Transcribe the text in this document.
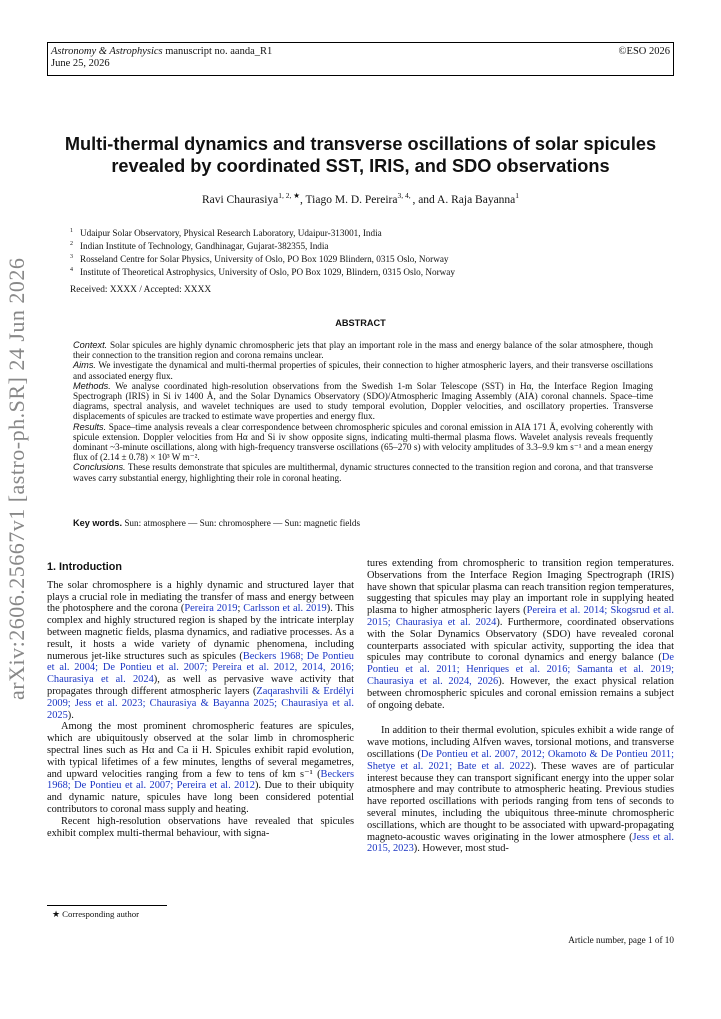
arXiv:2606.25667v1 [astro-ph.SR] 24 Jun 2026
Astronomy & Astrophysics manuscript no. aanda_R1
June 25, 2026
©ESO 2026
Multi-thermal dynamics and transverse oscillations of solar spicules revealed by coordinated SST, IRIS, and SDO observations
Ravi Chaurasiya$^{1, 2, ★}$, Tiago M. D. Pereira$^{3, 4,}$ , and A. Raja Bayanna$^1$
$^1$ Udaipur Solar Observatory, Physical Research Laboratory, Udaipur-313001, India
$^2$ Indian Institute of Technology, Gandhinagar, Gujarat-382355, India
$^3$ Rosseland Centre for Solar Physics, University of Oslo, PO Box 1029 Blindern, 0315 Oslo, Norway
$^4$ Institute of Theoretical Astrophysics, University of Oslo, PO Box 1029, Blindern, 0315 Oslo, Norway
Received: XXXX / Accepted: XXXX
ABSTRACT

Context. Solar spicules are highly dynamic chromospheric jets that play an important role in the mass and energy balance of the solar atmosphere, though their connection to the transition region and corona remains unclear.

Aims. We investigate the dynamical and multi-thermal properties of spicules, their connection to higher atmospheric layers, and their transverse oscillations and associated energy flux.

Methods. We analyse coordinated high-resolution observations from the Swedish 1-m Solar Telescope (SST) in Hα, the Interface Region Imaging Spectrograph (IRIS) in Si iv 1400 Å, and the Solar Dynamics Observatory (SDO)/Atmospheric Imaging Assembly (AIA) coronal channels. Space–time diagrams, spectral analysis, and wavelet techniques are used to study temporal evolution, Doppler velocities, and oscillatory properties. Transverse displacements of spicules are tracked to estimate wave properties and energy flux.

Results. Space–time analysis reveals a clear correspondence between chromospheric spicules and coronal emission in AIA 171 Å, evolving coherently with spicule extension. Doppler velocities from Hα and Si iv show opposite signs, indicating multi-thermal plasma flows. Wavelet analysis reveals frequently dominant ~3-minute oscillations, along with high-frequency transverse oscillations (65–270 s) with velocity amplitudes of 3.3–9.9 km s⁻¹ and a mean energy flux of (2.14 ± 0.78) × 10³ W m⁻².

Conclusions. These results demonstrate that spicules are multithermal, dynamic structures connected to the transition region and corona, and that transverse waves carry substantial energy, highlighting their role in coronal heating.

Key words. Sun: atmosphere — Sun: chromosphere — Sun: magnetic fields
1. Introduction

The solar chromosphere is a highly dynamic and structured layer that plays a crucial role in mediating the transfer of mass and energy between the photosphere and the corona (Pereira 2019; Carlsson et al. 2019). This complex and highly structured region is shaped by the intricate interplay between magnetic fields, plasma dynamics, and radiative processes. As a result, it hosts a wide variety of dynamic phenomena, including numerous jet-like structures such as spicules (Beckers 1968; De Pontieu et al. 2004; De Pontieu et al. 2007; Pereira et al. 2012, 2014, 2016; Chaurasiya et al. 2024), as well as pervasive wave activity that propagates through different atmospheric layers (Zaqarashvili & Erdélyi 2009; Jess et al. 2023; Chaurasiya & Bayanna 2025; Chaurasiya et al. 2025).

Among the most prominent chromospheric features are spicules, which are ubiquitously observed at the solar limb in chromospheric spectral lines such as Hα and Ca ii H. Spicules exhibit rapid evolution, with typical lifetimes of a few minutes, lengths of several megametres, and upward velocities ranging from a few to tens of km s⁻¹ (Beckers 1968; De Pontieu et al. 2007; Pereira et al. 2012). Due to their ubiquity and dynamic nature, spicules have long been considered potential contributors to coronal mass supply and heating.

Recent high-resolution observations have revealed that spicules exhibit complex multi-thermal behaviour, with signa-

tures extending from chromospheric to transition region temperatures. Observations from the Interface Region Imaging Spectrograph (IRIS) have shown that spicular plasma can reach transition region temperatures, suggesting that spicules may play an important role in supplying heated plasma to higher atmospheric layers (Pereira et al. 2014; Skogsrud et al. 2015; Chaurasiya et al. 2024). Furthermore, coordinated observations with the Solar Dynamics Observatory (SDO) have revealed coronal counterparts associated with spicular activity, supporting the idea that spicules may contribute to coronal dynamics and energy balance (De Pontieu et al. 2011; Henriques et al. 2016; Samanta et al. 2019; Chaurasiya et al. 2024, 2026). However, the exact physical relation between chromospheric spicules and coronal emission remains a subject of ongoing debate.

In addition to their thermal evolution, spicules exhibit a wide range of wave motions, including Alfven waves, torsional motions, and transverse oscillations (De Pontieu et al. 2007, 2012; Okamoto & De Pontieu 2011; Shetye et al. 2021; Bate et al. 2022). These waves are of particular interest because they can transport significant energy into the upper solar atmosphere and may contribute to atmospheric heating. Previous studies have reported oscillations with periods ranging from tens of seconds to several minutes, including the ubiquitous three-minute chromospheric oscillations, which are thought to be associated with upward-propagating magneto-acoustic waves originating in the lower atmosphere (Jess et al. 2015, 2023). However, most stud-

★ Corresponding author
Article number, page 1 of 10
